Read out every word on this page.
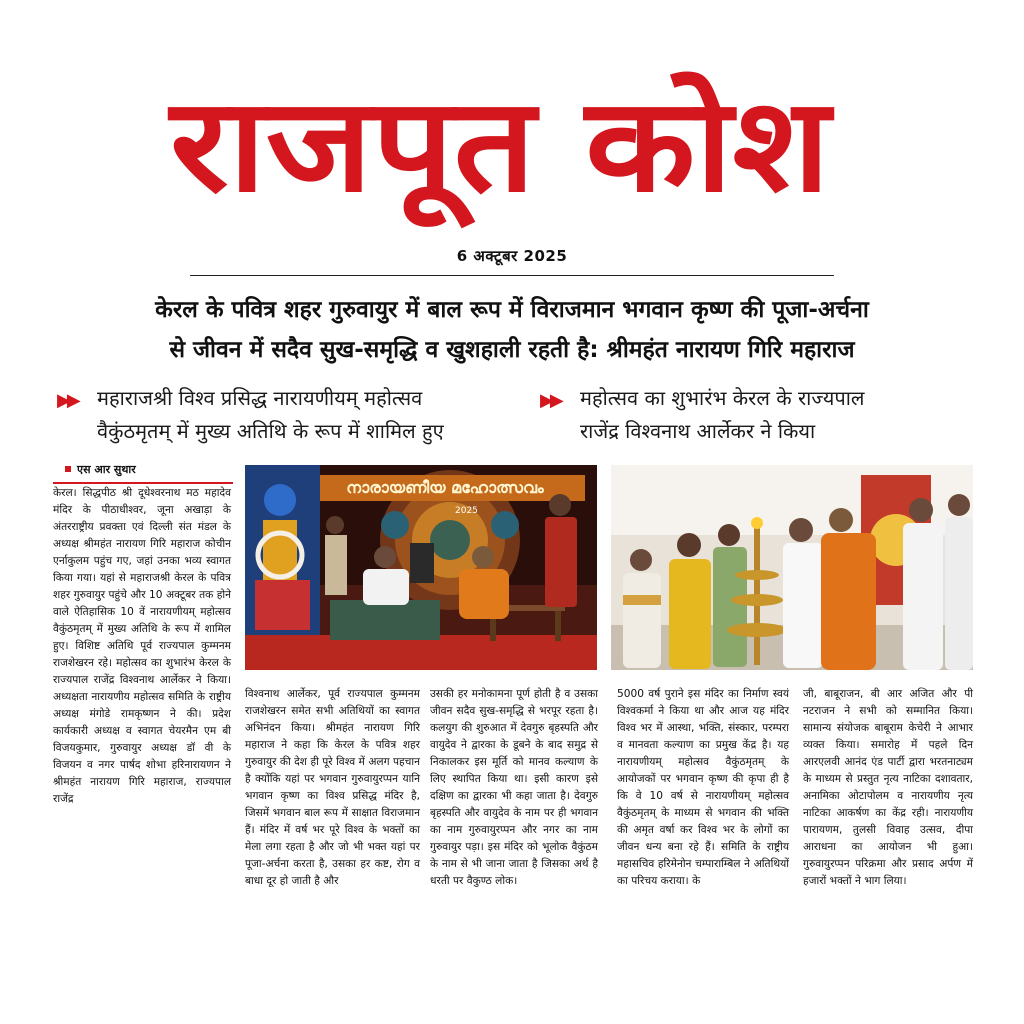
राजपूत कोश
6 अक्टूबर 2025
केरल के पवित्र शहर गुरुवायुर में बाल रूप में विराजमान भगवान कृष्ण की पूजा-अर्चना
से जीवन में सदैव सुख-समृद्धि व खुशहाली रहती है: श्रीमहंत नारायण गिरि महाराज
▶▶ महाराजश्री विश्व प्रसिद्ध नारायणीयम् महोत्सव
वैकुंठमृतम् में मुख्य अतिथि के रूप में शामिल हुए
▶▶ महोत्सव का शुभारंभ केरल के राज्यपाल
राजेंद्र विश्वनाथ आर्लेकर ने किया
एस आर सुथार
നാരായണീയ മഹോത്സവം
2025

केरल। सिद्धपीठ श्री दूधेश्वरनाथ मठ महादेव मंदिर के पीठाधीश्वर, जूना अखाड़ा के अंतरराष्ट्रीय प्रवक्ता एवं दिल्ली संत मंडल के अध्यक्ष श्रीमहंत नारायण गिरि महाराज कोचीन एर्नाकुलम पहुंच गए, जहां उनका भव्य स्वागत किया गया। यहां से महाराजश्री केरल के पवित्र शहर गुरुवायुर पहुंचे और 10 अक्टूबर तक होने वाले ऐतिहासिक 10 वें नारायणीयम् महोत्सव वैकुंठमृतम् में मुख्य अतिथि के रूप में शामिल हुए। विशिष्ट अतिथि पूर्व राज्यपाल कुम्मनम राजशेखरन रहे। महोत्सव का शुभारंभ केरल के राज्यपाल राजेंद्र विश्वनाथ आर्लेकर ने किया। अध्यक्षता नारायणीय महोत्सव समिति के राष्ट्रीय अध्यक्ष मंगोडे रामकृष्णन ने की। प्रदेश कार्यकारी अध्यक्ष व स्वागत चेयरमैन एम बी विजयकुमार, गुरुवायुर अध्यक्ष डॉ वी के विजयन व नगर पार्षद शोभा हरिनारायणन ने श्रीमहंत नारायण गिरि महाराज, राज्यपाल राजेंद्र

विश्वनाथ आर्लेकर, पूर्व राज्यपाल कुम्मनम राजशेखरन समेत सभी अतिथियों का स्वागत अभिनंदन किया। श्रीमहंत नारायण गिरि महाराज ने कहा कि केरल के पवित्र शहर गुरुवायुर की देश ही पूरे विश्व में अलग पहचान है क्योंकि यहां पर भगवान गुरुवायुरप्पन यानि भगवान कृष्ण का विश्व प्रसिद्ध मंदिर है, जिसमें भगवान बाल रूप में साक्षात विराजमान हैं। मंदिर में वर्ष भर पूरे विश्व के भक्तों का मेला लगा रहता है और जो भी भक्त यहां पर पूजा-अर्चना करता है, उसका हर कष्ट, रोग व बाधा दूर हो जाती है और

उसकी हर मनोकामना पूर्ण होती है व उसका जीवन सदैव सुख-समृद्धि से भरपूर रहता है। कलयुग की शुरुआत में देवगुरु बृहस्पति और वायुदेव ने द्वारका के डूबने के बाद समुद्र से निकालकर इस मूर्ति को मानव कल्याण के लिए स्थापित किया था। इसी कारण इसे दक्षिण का द्वारका भी कहा जाता है। देवगुरु बृहस्पति और वायुदेव के नाम पर ही भगवान का नाम गुरुवायुरप्पन और नगर का नाम गुरुवायुर पड़ा। इस मंदिर को भूलोक वैकुंठम के नाम से भी जाना जाता है जिसका अर्थ है धरती पर वैकुण्ठ लोक।

5000 वर्ष पुराने इस मंदिर का निर्माण स्वयं विश्वकर्मा ने किया था और आज यह मंदिर विश्व भर में आस्था, भक्ति, संस्कार, परम्परा व मानवता कल्याण का प्रमुख केंद्र है। यह नारायणीयम् महोत्सव वैकुंठमृतम् के आयोजकों पर भगवान कृष्ण की कृपा ही है कि वे 10 वर्ष से नारायणीयम् महोत्सव वैकुंठमृतम् के माध्यम से भगवान की भक्ति की अमृत वर्षा कर विश्व भर के लोगों का जीवन धन्य बना रहे हैं। समिति के राष्ट्रीय महासचिव हरिमेनोन चम्पाराम्बिल ने अतिथियों का परिचय कराया। के

जी, बाबूराजन, बी आर अजित और पी नटराजन ने सभी को सम्मानित किया। सामान्य संयोजक बाबूराम केचेरी ने आभार व्यक्त किया। समारोह में पहले दिन आरएलवी आनंद एंड पार्टी द्वारा भरतनाट्यम के माध्यम से प्रस्तुत नृत्य नाटिका दशावतार, अनामिका ओटापोलम व नारायणीय नृत्य नाटिका आकर्षण का केंद्र रही। नारायणीय पारायणम, तुलसी विवाह उत्सव, दीपा आराधना का आयोजन भी हुआ। गुरुवायुरप्पन परिक्रमा और प्रसाद अर्पण में हजारों भक्तों ने भाग लिया।
